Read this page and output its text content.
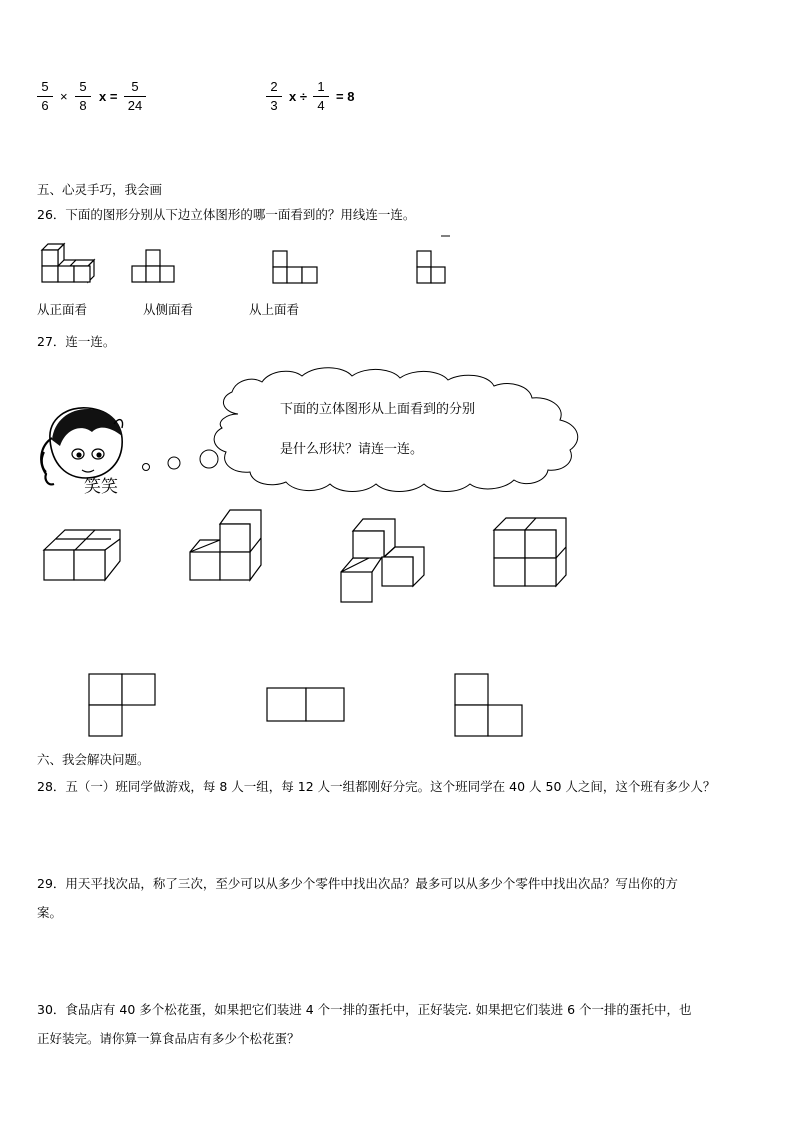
5
6
×
5
8
x =
5
24
2
3
x ÷
1
4
= 8
五、心灵手巧，我会画
26．下面的图形分别从下边立体图形的哪一面看到的？用线连一连。
从正面看	从侧面看	从上面看
27．连一连。
笑笑
下面的立体图形从上面看到的分别
是什么形状？请连一连。
六、我会解决问题。
28．五（一）班同学做游戏，每 8 人一组，每 12 人一组都刚好分完。这个班同学在 40 人 50 人之间，这个班有多少人？
29．用天平找次品，称了三次，至少可以从多少个零件中找出次品？最多可以从多少个零件中找出次品？写出你的方
案。
30．食品店有 40 多个松花蛋，如果把它们装进 4 个一排的蛋托中，正好装完. 如果把它们装进 6 个一排的蛋托中，也
正好装完。请你算一算食品店有多少个松花蛋？
